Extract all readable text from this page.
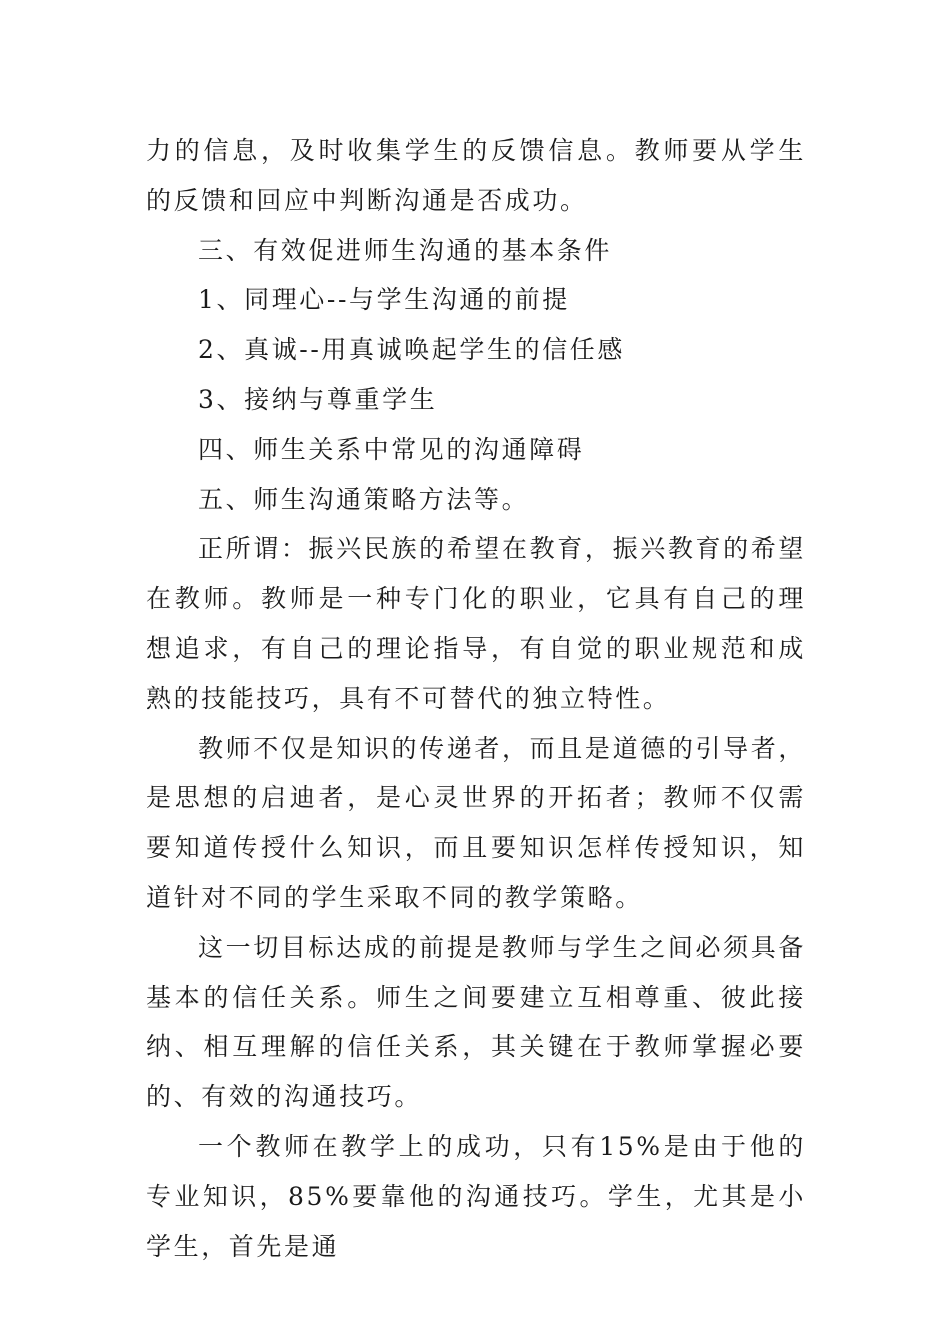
力的信息，及时收集学生的反馈信息。教师要从学生的反馈和回应中判断沟通是否成功。

三、有效促进师生沟通的基本条件

1、同理心--与学生沟通的前提

2、真诚--用真诚唤起学生的信任感

3、接纳与尊重学生

四、师生关系中常见的沟通障碍

五、师生沟通策略方法等。

正所谓：振兴民族的希望在教育，振兴教育的希望在教师。教师是一种专门化的职业，它具有自己的理想追求，有自己的理论指导，有自觉的职业规范和成熟的技能技巧，具有不可替代的独立特性。

教师不仅是知识的传递者，而且是道德的引导者，是思想的启迪者，是心灵世界的开拓者；教师不仅需要知道传授什么知识，而且要知识怎样传授知识，知道针对不同的学生采取不同的教学策略。

这一切目标达成的前提是教师与学生之间必须具备基本的信任关系。师生之间要建立互相尊重、彼此接纳、相互理解的信任关系，其关键在于教师掌握必要的、有效的沟通技巧。

一个教师在教学上的成功，只有15%是由于他的专业知识，85%要靠他的沟通技巧。学生，尤其是小学生，首先是通
